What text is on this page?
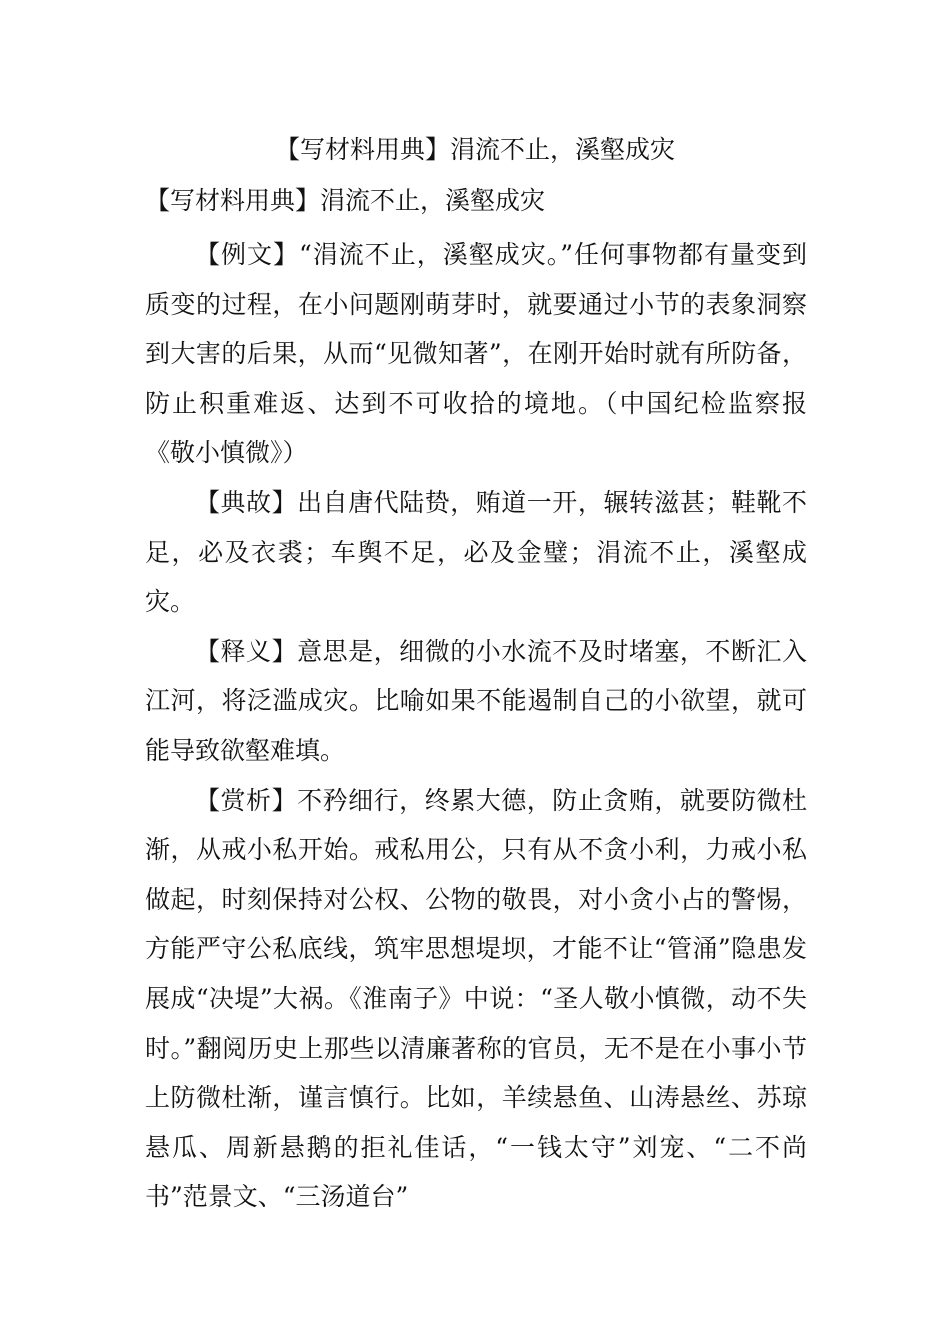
【写材料用典】涓流不止，溪壑成灾
【写材料用典】涓流不止，溪壑成灾

【例文】“涓流不止，溪壑成灾。”任何事物都有量变到质变的过程，在小问题刚萌芽时，就要通过小节的表象洞察到大害的后果，从而“见微知著”，在刚开始时就有所防备，防止积重难返、达到不可收拾的境地。（中国纪检监察报《敬小慎微》）

【典故】出自唐代陆贽，贿道一开，辗转滋甚；鞋靴不足，必及衣裘；车舆不足，必及金璧；涓流不止，溪壑成灾。

【释义】意思是，细微的小水流不及时堵塞，不断汇入江河，将泛滥成灾。比喻如果不能遏制自己的小欲望，就可能导致欲壑难填。

【赏析】不矜细行，终累大德，防止贪贿，就要防微杜渐，从戒小私开始。戒私用公，只有从不贪小利，力戒小私做起，时刻保持对公权、公物的敬畏，对小贪小占的警惕，方能严守公私底线，筑牢思想堤坝，才能不让“管涌”隐患发展成“决堤”大祸。《淮南子》中说：“圣人敬小慎微，动不失时。”翻阅历史上那些以清廉著称的官员，无不是在小事小节上防微杜渐，谨言慎行。比如，羊续悬鱼、山涛悬丝、苏琼悬瓜、周新悬鹅的拒礼佳话，“一钱太守”刘宠、“二不尚书”范景文、“三汤道台”
